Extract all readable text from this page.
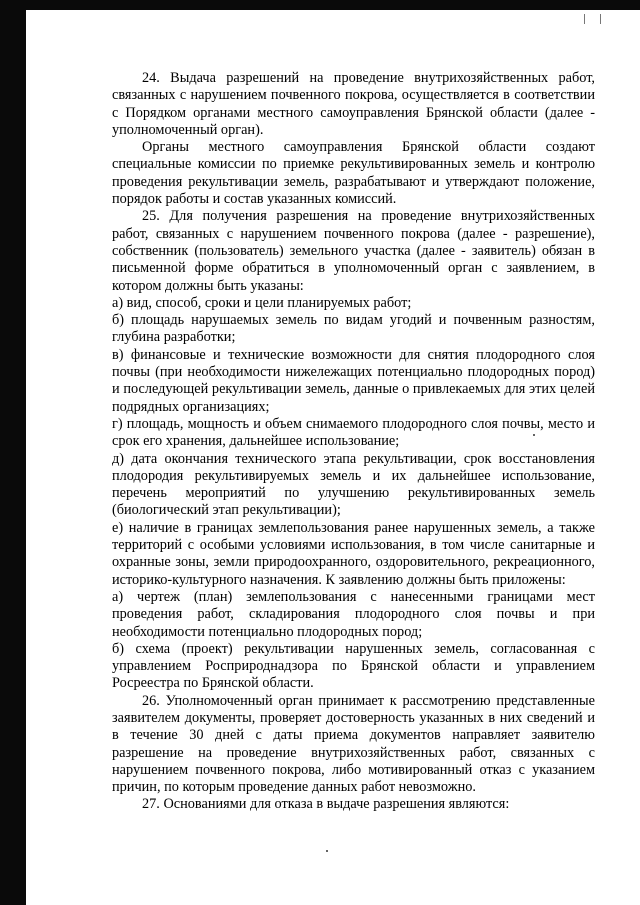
24. Выдача разрешений на проведение внутрихозяйственных работ, связанных с нарушением почвенного покрова, осуществляется в соответствии с Порядком органами местного самоуправления Брянской области (далее - уполномоченный орган).

Органы местного самоуправления Брянской области создают специальные комиссии по приемке рекультивированных земель и контролю проведения рекультивации земель, разрабатывают и утверждают положение, порядок работы и состав указанных комиссий.

25. Для получения разрешения на проведение внутрихозяйственных работ, связанных с нарушением почвенного покрова (далее - разрешение), собственник (пользователь) земельного участка (далее - заявитель) обязан в письменной форме обратиться в уполномоченный орган с заявлением, в котором должны быть указаны:

а) вид, способ, сроки и цели планируемых работ;

б) площадь нарушаемых земель по видам угодий и почвенным разностям, глубина разработки;

в) финансовые и технические возможности для снятия плодородного слоя почвы (при необходимости нижележащих потенциально плодородных пород) и последующей рекультивации земель, данные о привлекаемых для этих целей подрядных организациях;

г) площадь, мощность и объем снимаемого плодородного слоя почвы, место и срок его хранения, дальнейшее использование;

д) дата окончания технического этапа рекультивации, срок восстановления плодородия рекультивируемых земель и их дальнейшее использование, перечень мероприятий по улучшению рекультивированных земель (биологический этап рекультивации);

е) наличие в границах землепользования ранее нарушенных земель, а также территорий с особыми условиями использования, в том числе санитарные и охранные зоны, земли природоохранного, оздоровительного, рекреационного, историко-культурного назначения. К заявлению должны быть приложены:

а) чертеж (план) землепользования с нанесенными границами мест проведения работ, складирования плодородного слоя почвы и при необходимости потенциально плодородных пород;

б) схема (проект) рекультивации нарушенных земель, согласованная с управлением Росприроднадзора по Брянской области и управлением Росреестра по Брянской области.

26. Уполномоченный орган принимает к рассмотрению представленные заявителем документы, проверяет достоверность указанных в них сведений и в течение 30 дней с даты приема документов направляет заявителю разрешение на проведение внутрихозяйственных работ, связанных с нарушением почвенного покрова, либо мотивированный отказ с указанием причин, по которым проведение данных работ невозможно.

27. Основаниями для отказа в выдаче разрешения являются:
